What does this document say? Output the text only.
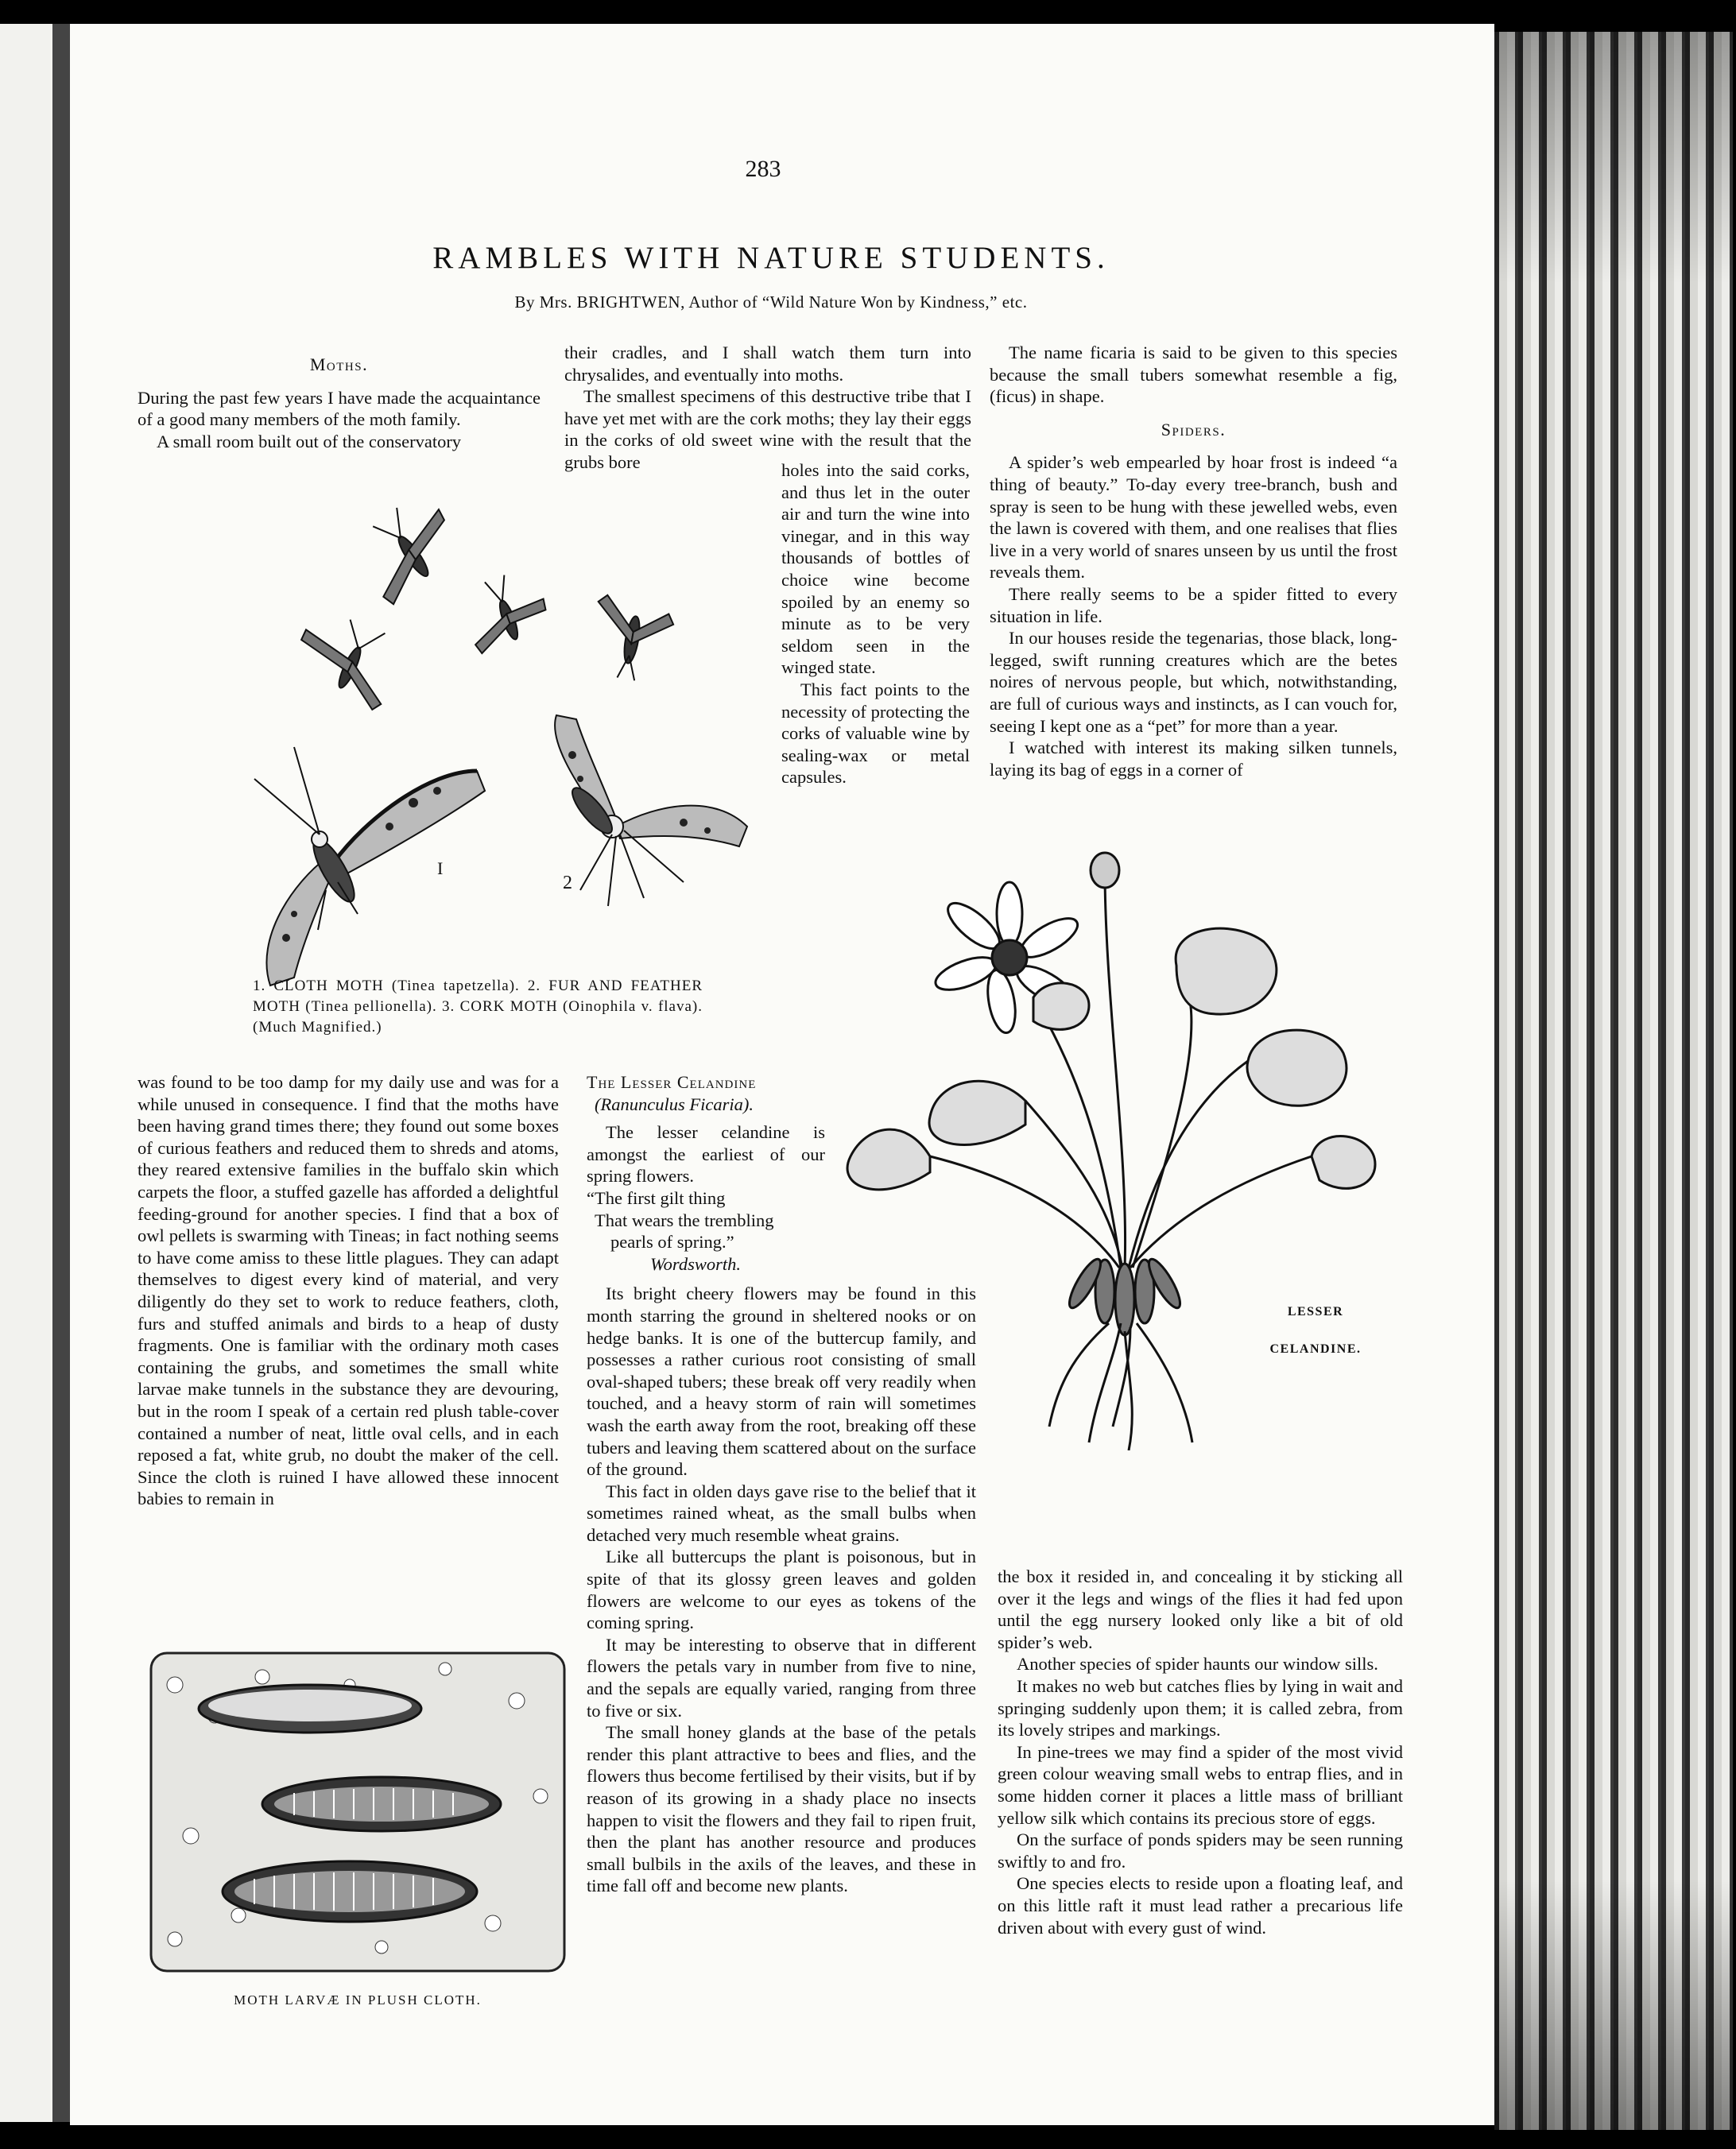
283
RAMBLES WITH NATURE STUDENTS.
By Mrs. BRIGHTWEN, Author of “Wild Nature Won by Kindness,” etc.
Moths.

During the past few years I have made the acquaintance of a good many members of the moth family.

A small room built out of the conservatory

their cradles, and I shall watch them turn into chrysalides, and eventually into moths.

The smallest specimens of this destructive tribe that I have yet met with are the cork moths; they lay their eggs in the corks of old sweet wine with the result that the grubs bore	holes into the said corks, and thus let in the outer air and turn the wine into vinegar, and in this way thousands of bottles of choice wine become spoiled by an enemy so minute as to be very seldom seen in the winged state.

This fact points to the necessity of protecting the corks of valuable wine by sealing-wax or metal capsules.

I
2
1. CLOTH MOTH (Tinea tapetzella). 2. FUR AND FEATHER MOTH (Tinea pellionella). 3. CORK MOTH (Oinophila v. flava). (Much Magnified.)
LESSER
CELANDINE.

The name ficaria is said to be given to this species because the small tubers somewhat resemble a fig, (ficus) in shape.

Spiders.

A spider’s web empearled by hoar frost is indeed “a thing of beauty.” To-day every tree-branch, bush and spray is seen to be hung with these jewelled webs, even the lawn is covered with them, and one realises that flies live in a very world of snares unseen by us until the frost reveals them.

There really seems to be a spider fitted to every situation in life.

In our houses reside the tegenarias, those black, long-legged, swift running creatures which are the betes noires of nervous people, but which, notwithstanding, are full of curious ways and instincts, as I can vouch for, seeing I kept one as a “pet” for more than a year.

I watched with interest its making silken tunnels, laying its bag of eggs in a corner of

was found to be too damp for my daily use and was for a while unused in consequence. I find that the moths have been having grand times there; they found out some boxes of curious feathers and reduced them to shreds and atoms, they reared extensive families in the buffalo skin which carpets the floor, a stuffed gazelle has afforded a delightful feeding-ground for another species. I find that a box of owl pellets is swarming with Tineas; in fact nothing seems to have come amiss to these little plagues. They can adapt themselves to digest every kind of material, and very diligently do they set to work to reduce feathers, cloth, furs and stuffed animals and birds to a heap of dusty fragments. One is familiar with the ordinary moth cases containing the grubs, and sometimes the small white larvae make tunnels in the substance they are devouring, but in the room I speak of a certain red plush table-cover contained a number of neat, little oval cells, and in each reposed a fat, white grub, no doubt the maker of the cell. Since the cloth is ruined I have allowed these innocent babies to remain in

MOTH LARVÆ IN PLUSH CLOTH.
The Lesser Celandine
(Ranunculus Ficaria).

The lesser celandine is amongst the earliest of our spring flowers.

“The first gilt thing
That wears the trembling
pearls of spring.”
Wordsworth.

Its bright cheery flowers may be found in this month starring the ground in sheltered nooks or on hedge banks. It is one of the buttercup family, and possesses a rather curious root consisting of small oval-shaped tubers; these break off very readily when touched, and a heavy storm of rain will sometimes wash the earth away from the root, breaking off these tubers and leaving them scattered about on the surface of the ground.

This fact in olden days gave rise to the belief that it sometimes rained wheat, as the small bulbs when detached very much resemble wheat grains.

Like all buttercups the plant is poisonous, but in spite of that its glossy green leaves and golden flowers are welcome to our eyes as tokens of the coming spring.

It may be interesting to observe that in different flowers the petals vary in number from five to nine, and the sepals are equally varied, ranging from three to five or six.

The small honey glands at the base of the petals render this plant attractive to bees and flies, and the flowers thus become fertilised by their visits, but if by reason of its growing in a shady place no insects happen to visit the flowers and they fail to ripen fruit, then the plant has another resource and produces small bulbils in the axils of the leaves, and these in time fall off and become new plants.

the box it resided in, and concealing it by sticking all over it the legs and wings of the flies it had fed upon until the egg nursery looked only like a bit of old spider’s web.

Another species of spider haunts our window sills.

It makes no web but catches flies by lying in wait and springing suddenly upon them; it is called zebra, from its lovely stripes and markings.

In pine-trees we may find a spider of the most vivid green colour weaving small webs to entrap flies, and in some hidden corner it places a little mass of brilliant yellow silk which contains its precious store of eggs.

On the surface of ponds spiders may be seen running swiftly to and fro.

One species elects to reside upon a floating leaf, and on this little raft it must lead rather a precarious life driven about with every gust of wind.
